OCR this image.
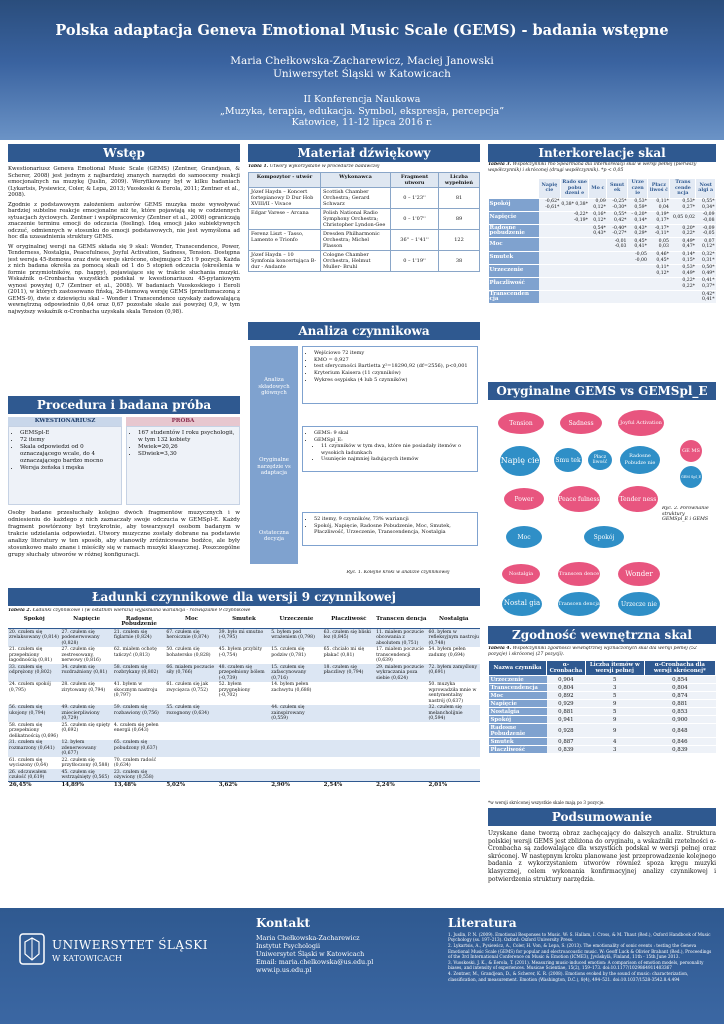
Polska adaptacja Geneva Emotional Music Scale (GEMS) - badania wstępne
Maria Chełkowska-Zacharewicz, Maciej Janowski
Uniwersytet Śląski w Katowicach
II Konferencja Naukowa
„Muzyka, terapia, edukacja. Symbol, ekspresja, percepcja”
Katowice, 11-12 lipca 2016 r.
Wstęp

Kwestionariusz Geneva Emotional Music Scale (GEMS) (Zentner, Grandjean, & Scherer, 2008) jest jednym z najbardziej znanych narzędzi do samooceny reakcji emocjonalnych na muzykę (Juslin, 2009). Weryfikowany był w kilku badaniach (Lykartsis, Pysiewicz, Coler, & Lepa, 2013; Vuoskoski & Eerola, 2011; Zentner et al., 2008).

Zgodnie z podstawowym założeniem autorów GEMS muzyka może wywoływać bardziej subtelne reakcje emocjonalne niż te, które pojawiają się w codziennych sytuacjach życiowych. Zentner i współpracownicy (Zentner et al., 2008) ograniczają znaczenie terminu emocji do odczucia (feeling). Ideą emocji jako subiektywnych odczuć, odmiennych w stosunku do emocji podstawowych, nie jest wymyślona ad hoc dla uzasadnienia struktury GEMS.

W oryginalnej wersji na GEMS składa się 9 skal: Wonder, Transcendence, Power, Tenderness, Nostalgia, Peacefulness, Joyful Activation, Sadness, Tension. Dostępna jest wersja 45-itemowa oraz dwie wersje skrócone, obejmujące 25 i 9 pozycji. Każda z nich badana określa za pomocą skali od 1 do 5 stopień odczucia (określenia w formie przymiotników, np. happy), pojawiające się w trakcie słuchania muzyki. Wskaźnik α-Cronbacha wszystkich podskal w kwestionariuszu 45-pytaniowym wynosi powyżej 0,7 (Zentner et al., 2008). W badaniach Vuoskoskiego i Eeroli (2011), w których zastosowano fińską, 26-itemową wersję GEMS (przetłumaczoną z GEMS-9), dwie z dziewięciu skal – Wonder i Transcendence uzyskały zadowalającą wewnętrzną odpowiednio 0,64 oraz 0,67 pozostałe skale zaś powyżej 0,9, w tym najwyższy wskaźnik α-Cronbacha uzyskała skala Tension (0,98).

Procedura i badana próba
KWESTIONARIUSZ
• GEMSpl-E
• 72 itemy
• Skala odpowiedzi od 0 oznaczającego wcale, do 4 oznaczającego bardzo mocno
• Wersja żeńska i męska
PRÓBA
• 167 studentów I roku psychologii, w tym 132 kobiety
• Mwiek=20,26
• SDwiek=3,30
Osoby badane przesłuchały kolejno dwóch fragmentów muzycznych i w odniesieniu do każdego z nich zaznaczały swoje odczucia w GEMSpl-E. Każdy fragment powtórzony był trzykrotnie, aby towarzyszył osobom badanym w trakcie udzielania odpowiedzi. Utwory muzyczne zostały dobrane na podstawie analizy literatury w ten sposób, aby stanowiły zróżnicowane bodźce, ale były stosunkowo mało znane i mieściły się w ramach muzyki klasycznej. Poszczególne grupy słuchały utworów w różnej konfiguracji.
Materiał dźwiękowy
Tabla 1. Utwory wykorzystane w procedurze badawczej
Kompozytor - utwór	Wykonawca	Fragment utworu	Liczba wypełnień
Józef Haydn – Koncert fortepianowy D Dur Hob XVIII/II - Vivace	Scottish Chamber Orchestra; Gerard Schwarz	0 – 1'23''	81
Edgar Varese – Arcana	Polish National Radio Symphony Orchestra; Christopher Lyndon-Gee	0 – 1'07''	89
Ferenz Liszt – Tasso, Lamento e Trionfo	Dresden Philharmonic Orchestra; Michel Plasson	36'' – 1'41''	122
Józef Haydn – 10 Symfonia koncertująca B-dur - Andante	Cologne Chamber Orchestra, Helmut Muller- Bruhl	0 – 1'19''	38
Analiza czynnikowa
Analiza składowych głównych
• Wejściowo 72 itemy
• KMO = 0,927
• test sferyczności Bartletta χ²=18290,92 (df=2556), p<0,001
• Kryterium Kaisera (11 czynników)
• Wykres osypiska (4 lub 5 czynników)
Oryginalne narzędzie vs adaptacja
• GEMS: 9 skal
• GEMSpl_E:
• 11 czynników w tym dwa, które nie posiadały itemów o wysokich ładunkach
• Usunięcie najmniej ładujących itemów
Ostateczna decyzja
• 52 itemy, 9 czynników, 73% wariancji
• Spokój, Napięcie, Radosne Pobudzenie, Moc, Smutek, Płaczliwość, Urzeczenie, Transcendencja, Nostalgia
Ryc. 1. Kolejne kroki w analizie czynnikowej
Interkorelacje skal
Tabela 3. Współczynniki rho Spearmana dla interkorelacji skal w wersji pełnej (pierwszy współczynnik) i skróconej (drugi współczynnik). *p < 0,05
	Napię cie	Rado sne pobu dzeni e	Mo c	Smut ek	Urze czen ie	Płacz liwoś ć	Trans cende ncja	Nost algi a
Spokój	-0,62* -0,61*	0,38* 0,38*	0,09 0,12*	-0,25* -0,30*	0,53* 0,59*	0,11* 0,04	0,53* 0,27*	0,55* 0,34*
Napięcie		-0,22* -0,19*	0,16* 0,12*	0,55* 0,42*	- 0,20* 0,14*	0,19* 0,17*	0,05 0,02	-0,09 -0,08
Radosne pobudzenie			0,54* 0,43*	-0,40* -0,27*	0,43* 0,29*	-0,17* -0,11*	0,20* 0,22*	-0,09 -0,05
Moc				-0,01 -0,03	0,45* 0,41*	0,05 0,03	0,49* 0,47*	0,07 0,12*
Smutek					-0,05 -0,00	0,46* 0,45*	0,14* 0,15*	0,32* 0,31*
Urzeczenie						0,11* 0,12*	0,53* 0,49*	0,50* 0,49*
Płaczliwość							0,22* 0,22*	0,41* 0,37*
Transcenden cja								0,42* 0,41*
Oryginalne GEMS vs GEMSpl_E
Tension	Sadness	Joyful Activation
Napię cie	Smu tek	Płacz liwość
Radosne Pobudze nie
GE MS
GEM Spl_E
Power	Peace fulness	Tender ness
Moc	Spokój
Ryc. 2. Porównanie struktury GEMSpl_E i GEMS
Nostalgia	Transcen dence	Wonder
Nostal gia	Transcen dencja	Urzecze nie
Zgodność wewnętrzna skal
Tabela 4. Współczynniki zgodności wewnętrznej wyznaczonych skal dla wersji pełnej (52 pozycje) i skróconej (27 pozycji).
Nazwa czynnika	α-Cronbacha	Liczba itemów w wersji pełnej	α-Cronbacha dla wersji skróconej*
Urzeczenie	0,904	5	0,854
Transcendencja	0,804	3	0,804
Moc	0,892	5	0,874
Napięcie	0,929	9	0,881
Nostalgia	0,881	5	0,853
Spokój	0,941	9	0,900
Radosne Pobudzenie	0,928	9	0,848
Smutek	0,887	4	0,846
Płaczliwość	0,839	3	0,839
*w wersji skróconej wszystkie skale mają po 3 pozycje.
Podsumowanie
Uzyskane dane tworzą obraz zachęcający do dalszych analiz. Struktura polskiej wersji GEMS jest zbliżona do oryginału, a wskaźniki rzetelności α-Cronbacha są zadowalające dla wszystkich podskal w wersji pełnej oraz skróconej. W następnym kroku planowane jest przeprowadzenie kolejnego badania z wykorzystaniem utworów również spoza kręgu muzyki klasycznej, celem wykonania konfirmacyjnej analizy czynnikowej i potwierdzenia struktury narzędzia.
Ładunki czynnikowe dla wersji 9 czynnikowej
Tabela 2. Ładunki czynnikowe i (w ostatnim wierszu) wyjaśniana wariancja - rozwiązanie 9 czynnikowe
Spokój	Napięcie	Radosne Pobudzenie	Moc	Smutek	Urzeczenie	Płaczliwość	Transcen dencja	Nostalgia
20. czułem się zrelaksowany (0,814)	27. czułem się podenerwowany (0,828)	21. czułem się figlarnie (0,824)	67. czułem się heroicznie (0,874)	39. było mi smutno (-0,795)	5. byłem pod wrażeniem (0,798)	63. czułem się bliski łez (0,845)	11. miałem poczucie obcowania z absolutem (0,751)	60. byłem w refleksyjnym nastroju (0,748)
21. czułem się przepełniony łagodnością (0,81)	27. czułem się zestresowany, nerwowy (0,816)	62. miałem ochotę tańczyć (0,813)	50. czułem się bohatersko (0,828)	45. byłem przybity (-0,754)	15. czułem się podziw (0,781)	65. chciało mi się płakać (0,81)	17. miałem poczucie transcendencji (0,639)	54. byłem pełen zadumy (0,694)
33. czułem się odprężony (0,802)	34. czułem się rozdrażniony (0,81)	58. czułem się rozbrykany (0,802)	66. miałem poczucie siły (0,766)	48. czułem się przepełniony bólem (-0,739)	15. czułem się zafascynowany (0,716)	18. czułem się płaczliwy (0,794)	29. miałem poczucie wykraczania poza siebie (0,624)	72. byłem zamyślony (0,691)
24. czułem spokój (0,795)	28. czułem się zirytowany (0,794)	41. byłem w skocznym nastroju (0,797)	61. czułem się jak zwycięzca (0,752)	52. byłem przygnębiony (-0,702)	14. byłem pełen zachwytu (0,688)			50. muzyka wprowadziła mnie w sentymentalny nastrój (0,637)
56. czułem się ukojony (0,794)	49. czułem się zniecierpliwiony (0,729)	59. czułem się rozbawiony (0,756)	55. czułem się rozognony (0,634)		44. czułem się zainspirowany (0,559)			32. czułem się melancholijnie (0,594)
58. czułem się przepełniony delikatnością (0,696)	25. czułem się spięty (0,692)	4. czułem się pełen energii (0,643)						
31. czułem się rozmarzony (0,641)	12. byłem zdenerwowany (0,677)	65. czułem się pobudzony (0,637)						
61. czułem się wyciszony (0,64)	22. czułem się przytłoczony (0,588)	70. czułem radość (0,634)						
26. odczuwałem czułość (0,619)	45. czułem się wstrząśnięty (0,565)	23. czułem się ożywiony (0,558)						
26,45%	14,89%	13,48%	5,02%	3,62%	2,90%	2,54%	2,24%	2,01%
UNIWERSYTET ŚLĄSKI
W KATOWICACH
Kontakt
Maria Chełkowska-Zacharewicz
Instytut Psychologii
Uniwersytet Śląski w Katowicach
Email: maria.chelkowska@us.edu.pl
www.ip.us.edu.pl
Literatura
1. Juslin, P. N. (2009). Emotional Responses to Music. W: S. Hallam, I. Cross, & M. Thaut (Red.), Oxford Handbook of Music Psychology (ss. 197–213). Oxford: Oxford University Press.
2. Lykartsis, A., Pysiewicz, A., Coler, H. Von, & Lepa, S. (2013). The emotionality of sonic events : testing the Geneva Emotional Music Scale (GEMS) for popular and electroacoustic music. W: Geoff Luck & Olivier Brabant (Red.), Proceedings of the 3rd International Conference on Music & Emotion (ICME3), Jyväskylä, Finland, 11th - 15th June 2013.
3. Vuoskoski, J. K., & Eerola, T. (2011). Measuring music-induced emotion: A comparison of emotion models, personality biases, and intensity of experiences. Musicae Scientiae, 15(2), 159–173. doi:10.1177/1029864911403367
4. Zentner, M., Grandjean, D., & Scherer, K. R. (2008). Emotions evoked by the sound of music: characterization, classification, and measurement. Emotion (Washington, D.C.), 8(4), 494–521. doi:10.1037/1528-3542.8.4.494
